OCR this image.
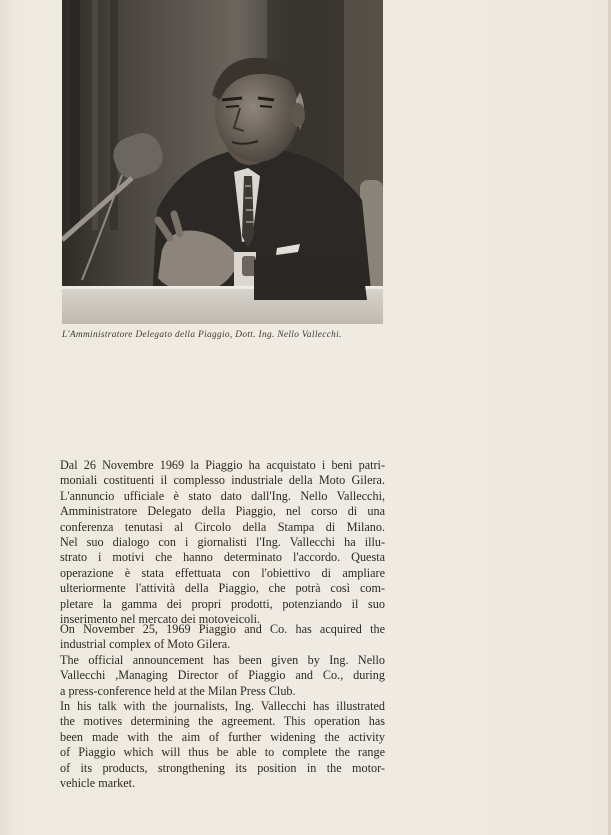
L'Amministratore Delegato della Piaggio, Dott. Ing. Nello Vallecchi.

Dal 26 Novembre 1969 la Piaggio ha acquistato i beni patri-
moniali costituenti il complesso industriale della Moto Gilera.
L'annuncio ufficiale è stato dato dall'Ing. Nello Vallecchi,
Amministratore Delegato della Piaggio, nel corso di una
conferenza tenutasi al Circolo della Stampa di Milano.
Nel suo dialogo con i giornalisti l'Ing. Vallecchi ha illu-
strato i motivi che hanno determinato l'accordo. Questa
operazione è stata effettuata con l'obiettivo di ampliare
ulteriormente l'attività della Piaggio, che potrà così com-
pletare la gamma dei propri prodotti, potenziando il suo
inserimento nel mercato dei motoveicoli.

On November 25, 1969 Piaggio and Co. has acquired the
industrial complex of Moto Gilera.
The official announcement has been given by Ing. Nello
Vallecchi ,Managing Director of Piaggio and Co., during
a press-conference held at the Milan Press Club.
In his talk with the journalists, Ing. Vallecchi has illustrated
the motives determining the agreement. This operation has
been made with the aim of further widening the activity
of Piaggio which will thus be able to complete the range
of its products, strongthening its position in the motor-
vehicle market.
